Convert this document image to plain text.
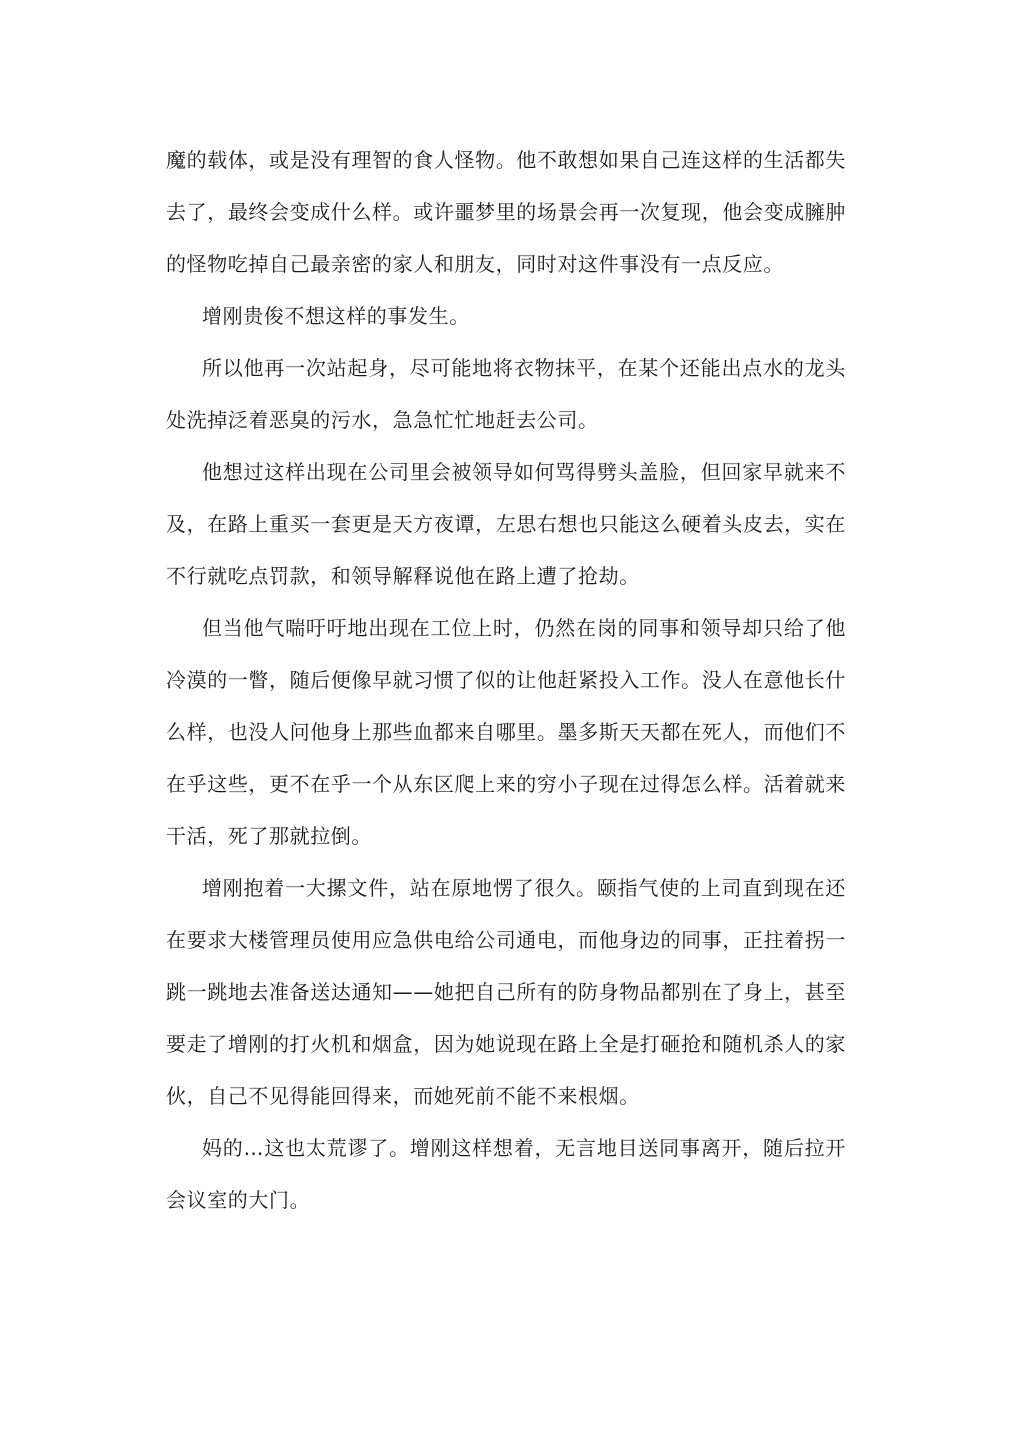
魔的载体，或是没有理智的食人怪物。他不敢想如果自己连这样的生活都失去了，最终会变成什么样。或许噩梦里的场景会再一次复现，他会变成臃肿的怪物吃掉自己最亲密的家人和朋友，同时对这件事没有一点反应。

增刚贵俊不想这样的事发生。

所以他再一次站起身，尽可能地将衣物抹平，在某个还能出点水的龙头处洗掉泛着恶臭的污水，急急忙忙地赶去公司。

他想过这样出现在公司里会被领导如何骂得劈头盖脸，但回家早就来不及，在路上重买一套更是天方夜谭，左思右想也只能这么硬着头皮去，实在不行就吃点罚款，和领导解释说他在路上遭了抢劫。

但当他气喘吁吁地出现在工位上时，仍然在岗的同事和领导却只给了他冷漠的一瞥，随后便像早就习惯了似的让他赶紧投入工作。没人在意他长什么样，也没人问他身上那些血都来自哪里。墨多斯天天都在死人，而他们不在乎这些，更不在乎一个从东区爬上来的穷小子现在过得怎么样。活着就来干活，死了那就拉倒。

增刚抱着一大摞文件，站在原地愣了很久。颐指气使的上司直到现在还在要求大楼管理员使用应急供电给公司通电，而他身边的同事，正拄着拐一跳一跳地去准备送达通知——她把自己所有的防身物品都别在了身上，甚至要走了增刚的打火机和烟盒，因为她说现在路上全是打砸抢和随机杀人的家伙，自己不见得能回得来，而她死前不能不来根烟。

妈的…这也太荒谬了。增刚这样想着，无言地目送同事离开，随后拉开会议室的大门。
